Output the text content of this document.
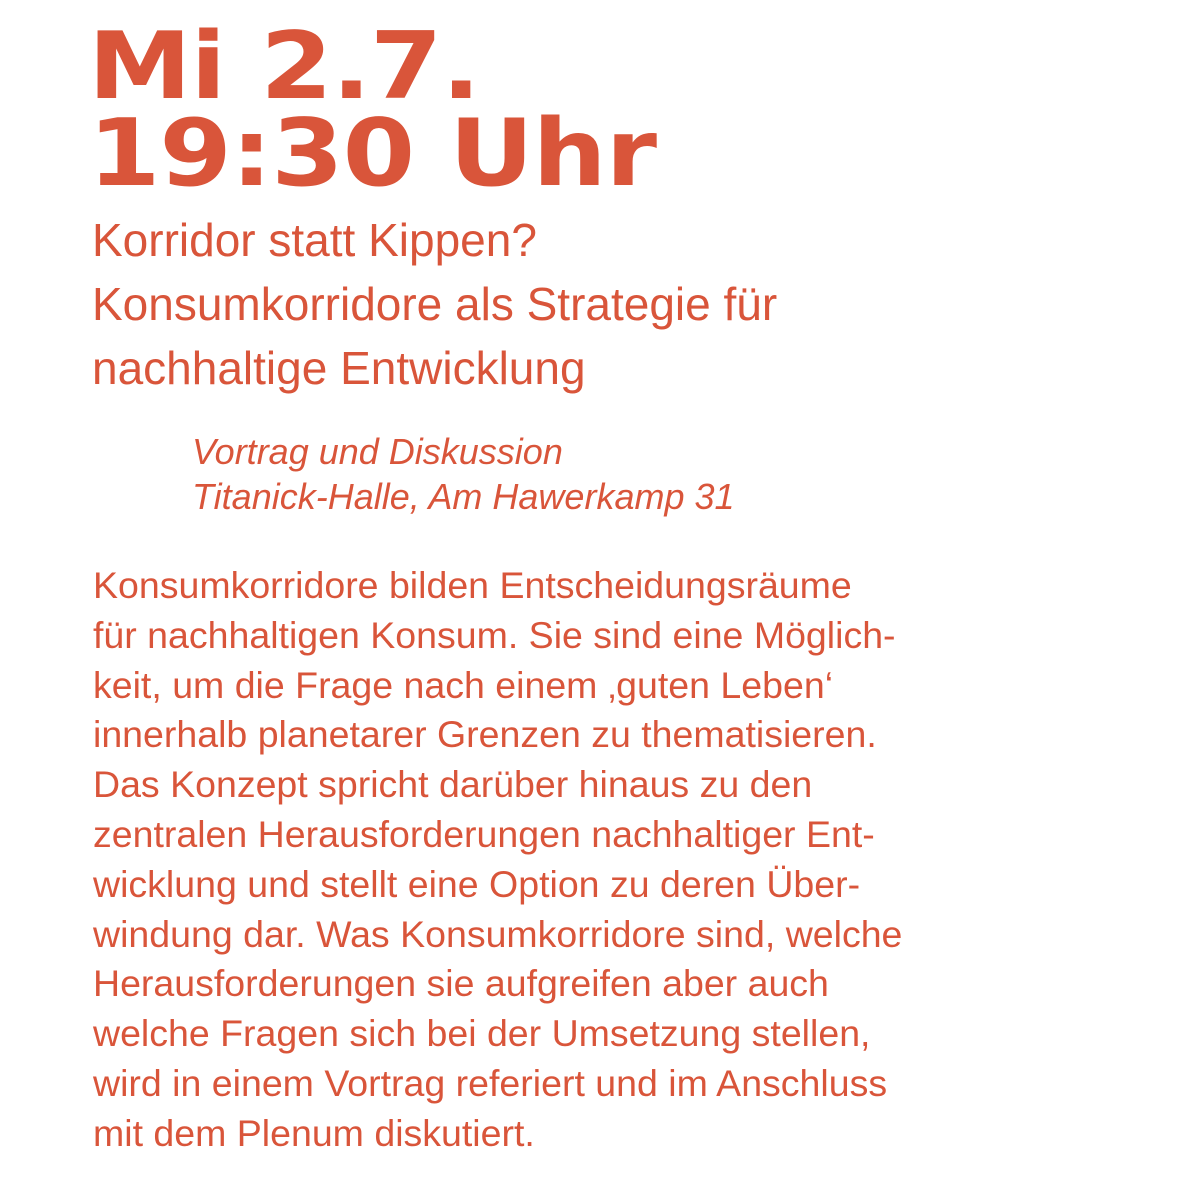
Mi 2.7.
19:30 Uhr
Korridor statt Kippen?
Konsumkorridore als Strategie für
nachhaltige Entwicklung

Vortrag und Diskussion
Titanick-Halle, Am Hawerkamp 31

Konsumkorridore bilden Entscheidungsräume
für nachhaltigen Konsum. Sie sind eine Möglich-
keit, um die Frage nach einem ‚guten Leben‘
innerhalb planetarer Grenzen zu thematisieren.
Das Konzept spricht darüber hinaus zu den
zentralen Herausforderungen nachhaltiger Ent-
wicklung und stellt eine Option zu deren Über-
windung dar. Was Konsumkorridore sind, welche
Herausforderungen sie aufgreifen aber auch
welche Fragen sich bei der Umsetzung stellen,
wird in einem Vortrag referiert und im Anschluss
mit dem Plenum diskutiert.
